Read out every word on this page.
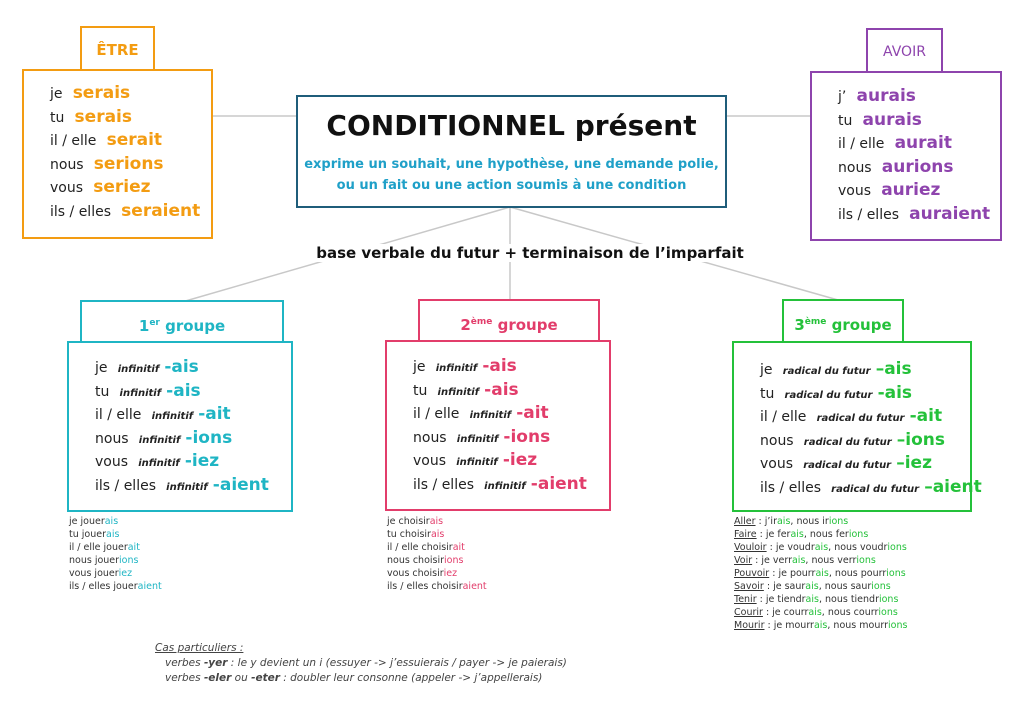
ÊTRE
je serais
tu serais
il / elle serait
nous serions
vous seriez
ils / elles seraient
AVOIR
j’ aurais
tu aurais
il / elle aurait
nous aurions
vous auriez
ils / elles auraient
CONDITIONNEL présent
exprime un souhait, une hypothèse, une demande polie,
ou un fait ou une action soumis à une condition
base verbale du futur + terminaison de l’imparfait
1er groupe
je infinitif -ais
tu infinitif -ais
il / elle infinitif -ait
nous infinitif -ions
vous infinitif -iez
ils / elles infinitif -aient
je jouerais
tu jouerais
il / elle jouerait
nous jouerions
vous joueriez
ils / elles joueraient
2ème groupe
je infinitif -ais
tu infinitif -ais
il / elle infinitif -ait
nous infinitif -ions
vous infinitif -iez
ils / elles infinitif -aient
je choisirais
tu choisirais
il / elle choisirait
nous choisirions
vous choisiriez
ils / elles choisiraient
3ème groupe
je radical du futur –ais
tu radical du futur -ais
il / elle radical du futur -ait
nous radical du futur –ions
vous radical du futur –iez
ils / elles radical du futur –aient
Aller : j’irais, nous irions
Faire : je ferais, nous ferions
Vouloir : je voudrais, nous voudrions
Voir : je verrais, nous verrions
Pouvoir : je pourrais, nous pourrions
Savoir : je saurais, nous saurions
Tenir : je tiendrais, nous tiendrions
Courir : je courrais, nous courrions
Mourir : je mourrais, nous mourrions
Cas particuliers :
verbes -yer : le y devient un i (essuyer -> j’essuierais / payer -> je paierais)
verbes -eler ou -eter : doubler leur consonne (appeler -> j’appellerais)
